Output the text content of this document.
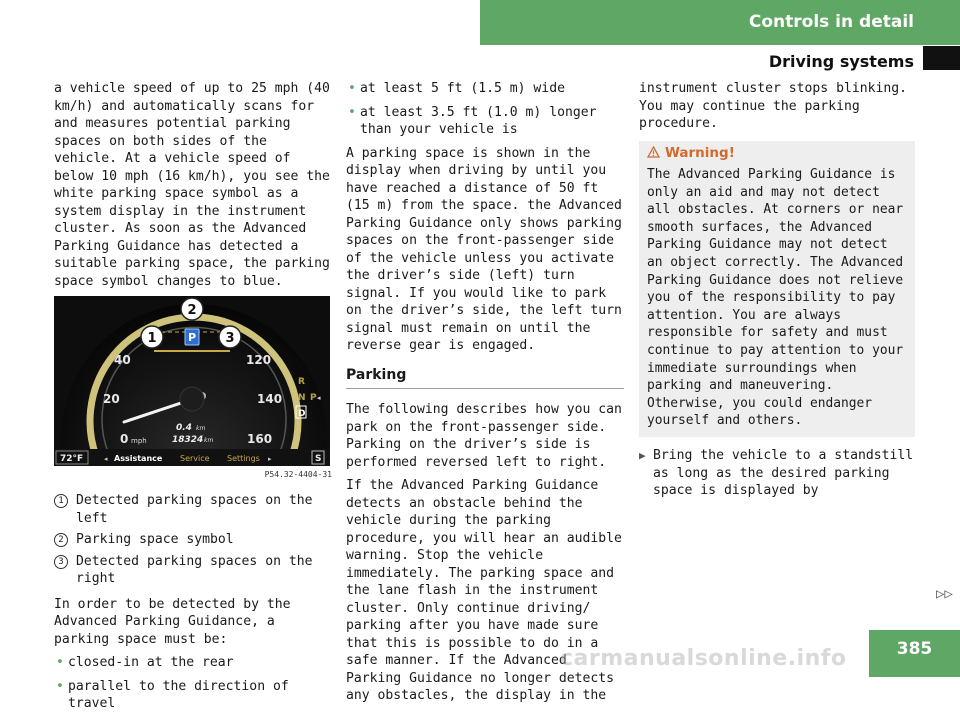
Controls in detail
Driving systems

a vehicle speed of up to 25 mph (40 km/h) and automatically scans for and measures potential parking spaces on both sides of the vehicle. At a vehicle speed of below 10 mph (16 km/h), you see the white parking space symbol as a system display in the instrument cluster. As soon as the Advanced Parking Guidance has detected a suitable parking space, the parking space symbol changes to blue.

P
2
1	3
0
20
40	120
140
160
mph
0.4 km
18324 km
R
N
D
P ◂
72°F	◂ Assistance Service Settings ▸	S
P54.32-4404-31
1 Detected parking spaces on the left
2 Parking space symbol
3 Detected parking spaces on the right

In order to be detected by the Advanced Parking Guidance, a parking space must be:

• closed-in at the rear
• parallel to the direction of travel
• at least 5 ft (1.5 m) wide
• at least 3.5 ft (1.0 m) longer than your vehicle is

A parking space is shown in the display when driving by until you have reached a distance of 50 ft (15 m) from the space. the Advanced Parking Guidance only shows parking spaces on the front-passenger side of the vehicle unless you activate the driver’s side (left) turn signal. If you would like to park on the driver’s side, the left turn signal must remain on until the reverse gear is engaged.

Parking

The following describes how you can park on the front-passenger side. Parking on the driver’s side is performed reversed left to right.

If the Advanced Parking Guidance detects an obstacle behind the vehicle during the parking procedure, you will hear an audible warning. Stop the vehicle immediately. The parking space and the lane flash in the instrument cluster. Only continue driving/ parking after you have made sure that this is possible to do in a safe manner. If the Advanced Parking Guidance no longer detects any obstacles, the display in the

instrument cluster stops blinking. You may continue the parking procedure.

Warning!
The Advanced Parking Guidance is only an aid and may not detect all obstacles. At corners or near smooth surfaces, the Advanced Parking Guidance may not detect an object correctly. The Advanced Parking Guidance does not relieve you of the responsibility to pay attention. You are always responsible for safety and must continue to pay attention to your immediate surroundings when parking and maneuvering. Otherwise, you could endanger yourself and others.
▶ Bring the vehicle to a standstill as long as the desired parking space is displayed by
▷▷
385
carmanualsonline.info
